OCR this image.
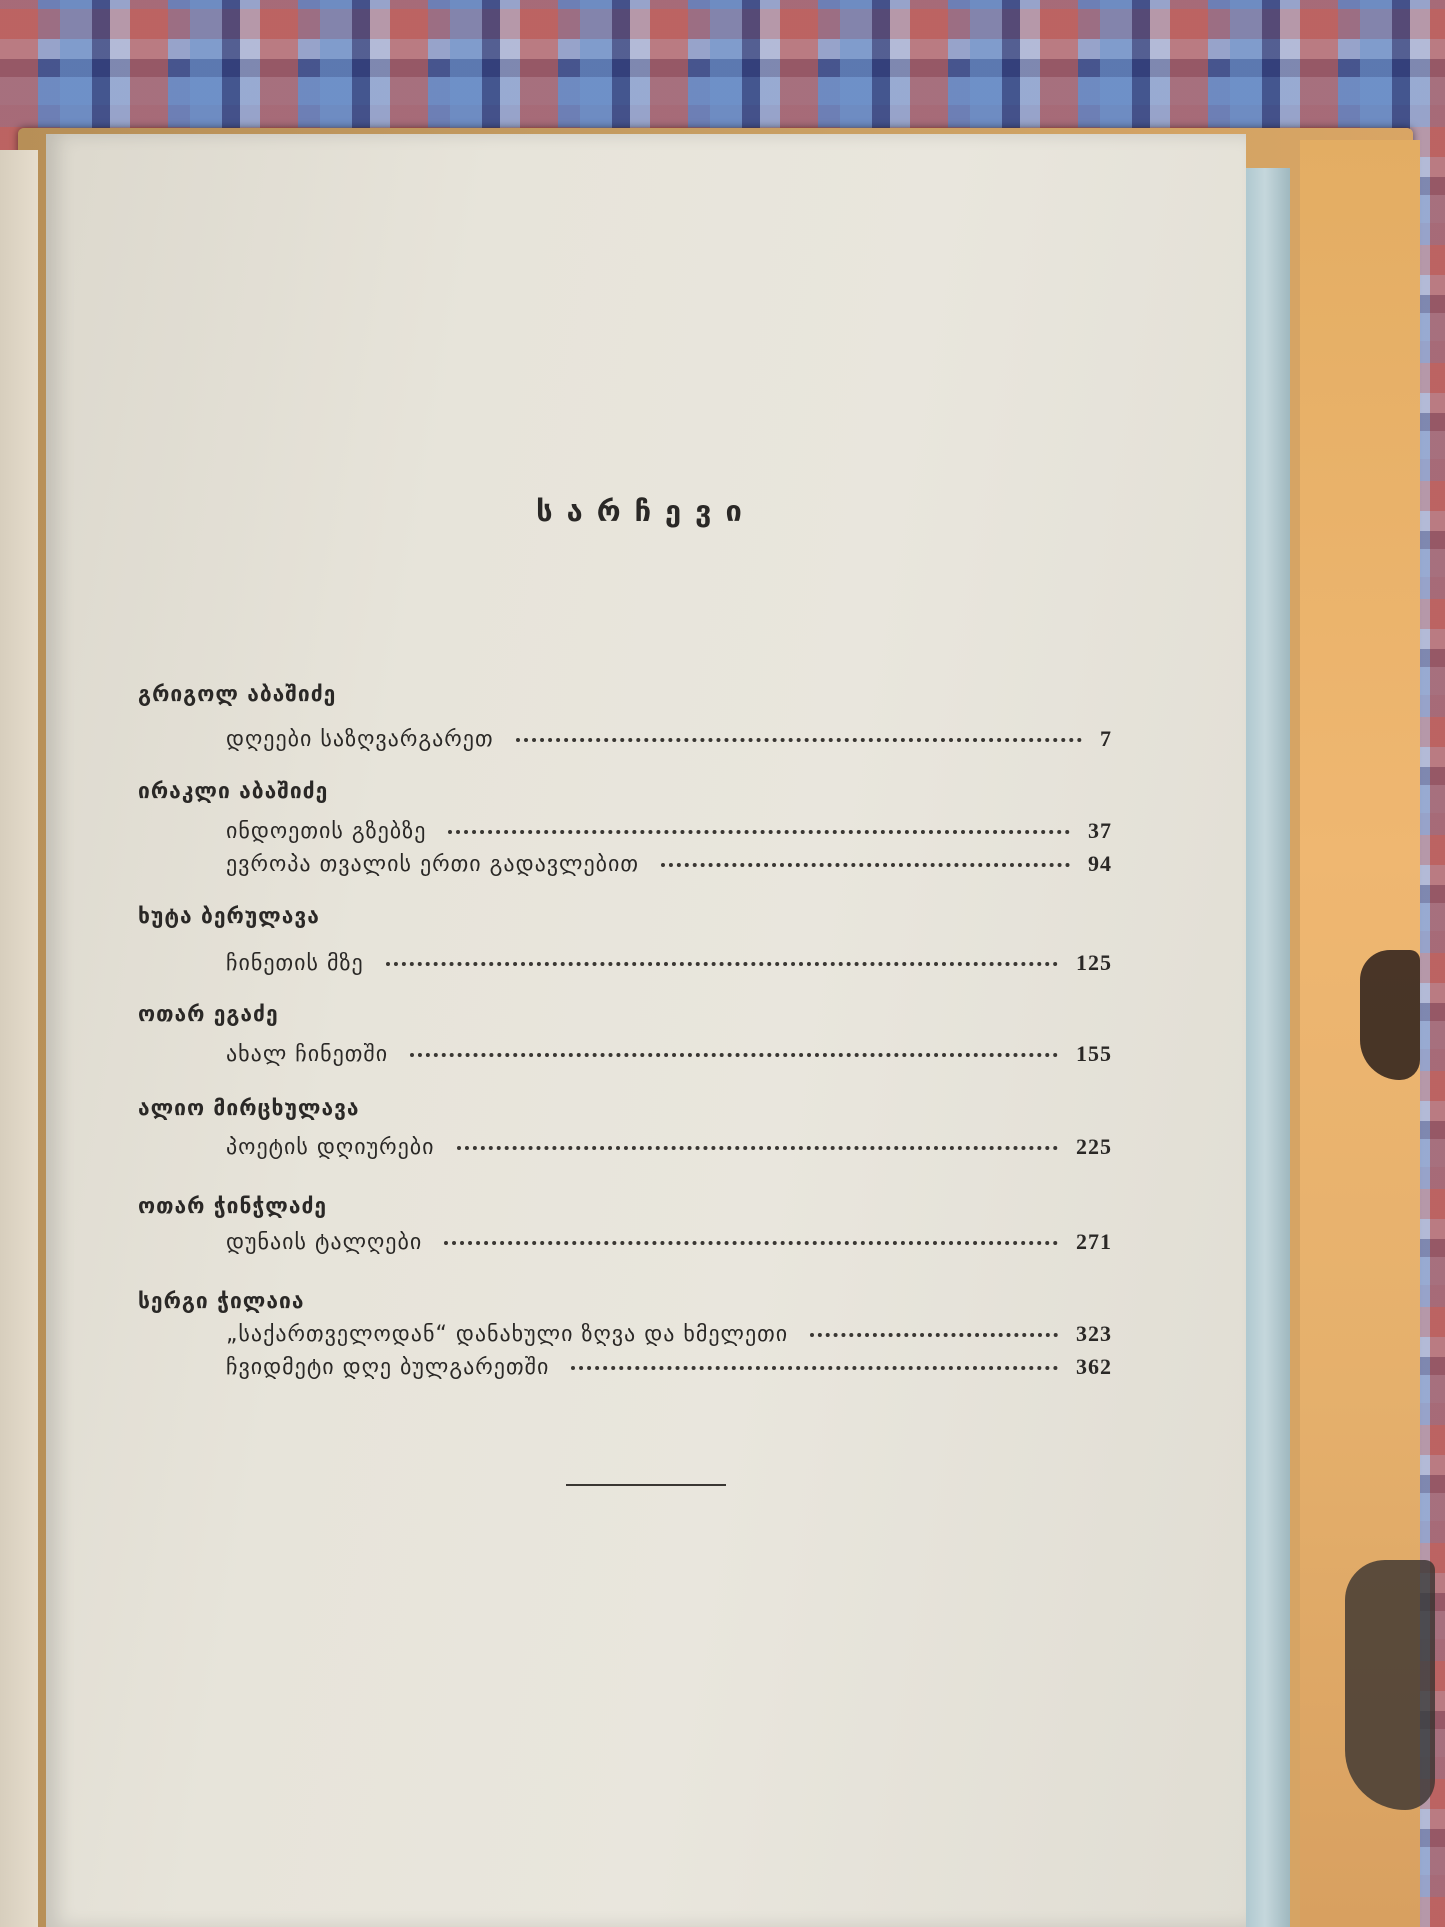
სარჩევი
გრიგოლ აბაშიძე
დღეები საზღვარგარეთ	7
ირაკლი აბაშიძე
ინდოეთის გზებზე	37
ევროპა თვალის ერთი გადავლებით	94
ხუტა ბერულავა
ჩინეთის მზე	125
ოთარ ეგაძე
ახალ ჩინეთში	155
ალიო მირცხულავა
პოეტის დღიურები	225
ოთარ ჭინჭლაძე
დუნაის ტალღები	271
სერგი ჭილაია
„საქართველოდან“ დანახული ზღვა და ხმელეთი	323
ჩვიდმეტი დღე ბულგარეთში	362
